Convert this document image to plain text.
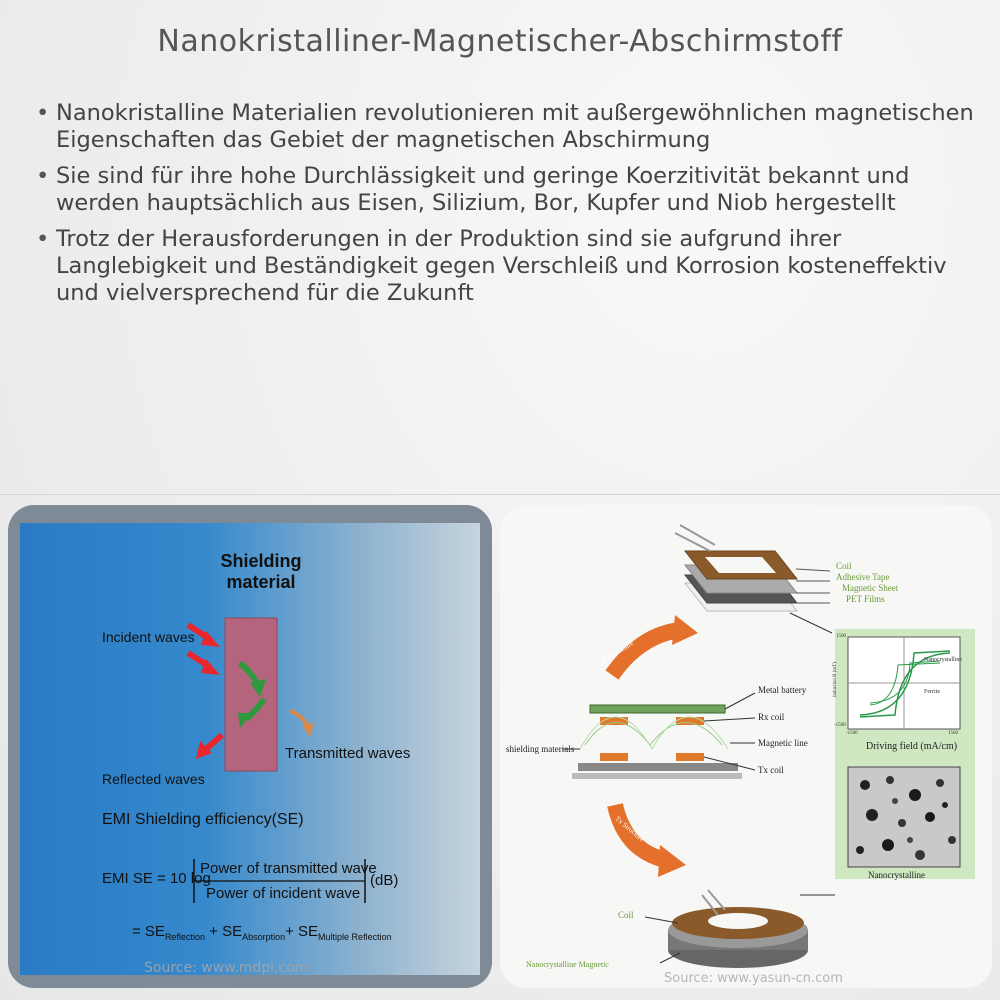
Nanokristalliner-Magnetischer-Abschirmstoff
• Nanokristalline Materialien revolutionieren mit außergewöhnlichen magnetischen Eigenschaften das Gebiet der magnetischen Abschirmung
• Sie sind für ihre hohe Durchlässigkeit und geringe Koerzitivität bekannt und werden hauptsächlich aus Eisen, Silizium, Bor, Kupfer und Niob hergestellt
• Trotz der Herausforderungen in der Produktion sind sie aufgrund ihrer Langlebigkeit und Beständigkeit gegen Verschleiß und Korrosion kosteneffektiv und vielversprechend für die Zukunft
Shielding
material
Incident waves
Reflected waves
Transmitted waves
EMI Shielding efficiency(SE)
EMI SE = 10 log
Power of transmitted wave
Power of incident wave
(dB)
= $SE_{Reflection} + SE_{Absorption}+ SE_{Multiple Reflection}$
Source: www.mdpi.com
Coil
Adhesive Tape
Magnetic Sheet
PET Films
Rx Structure
Tx Structure
Metal battery
Rx coil
Magnetic line
Tx coil
shielding materials
Nanocrystalline
Ferrite
induction B (mT)
1500
-1500
-1500	1500
Driving field (mA/cm)
Nanocrystalline
Coil
Nanocrystalline Magnetic
Source: www.yasun-cn.com
